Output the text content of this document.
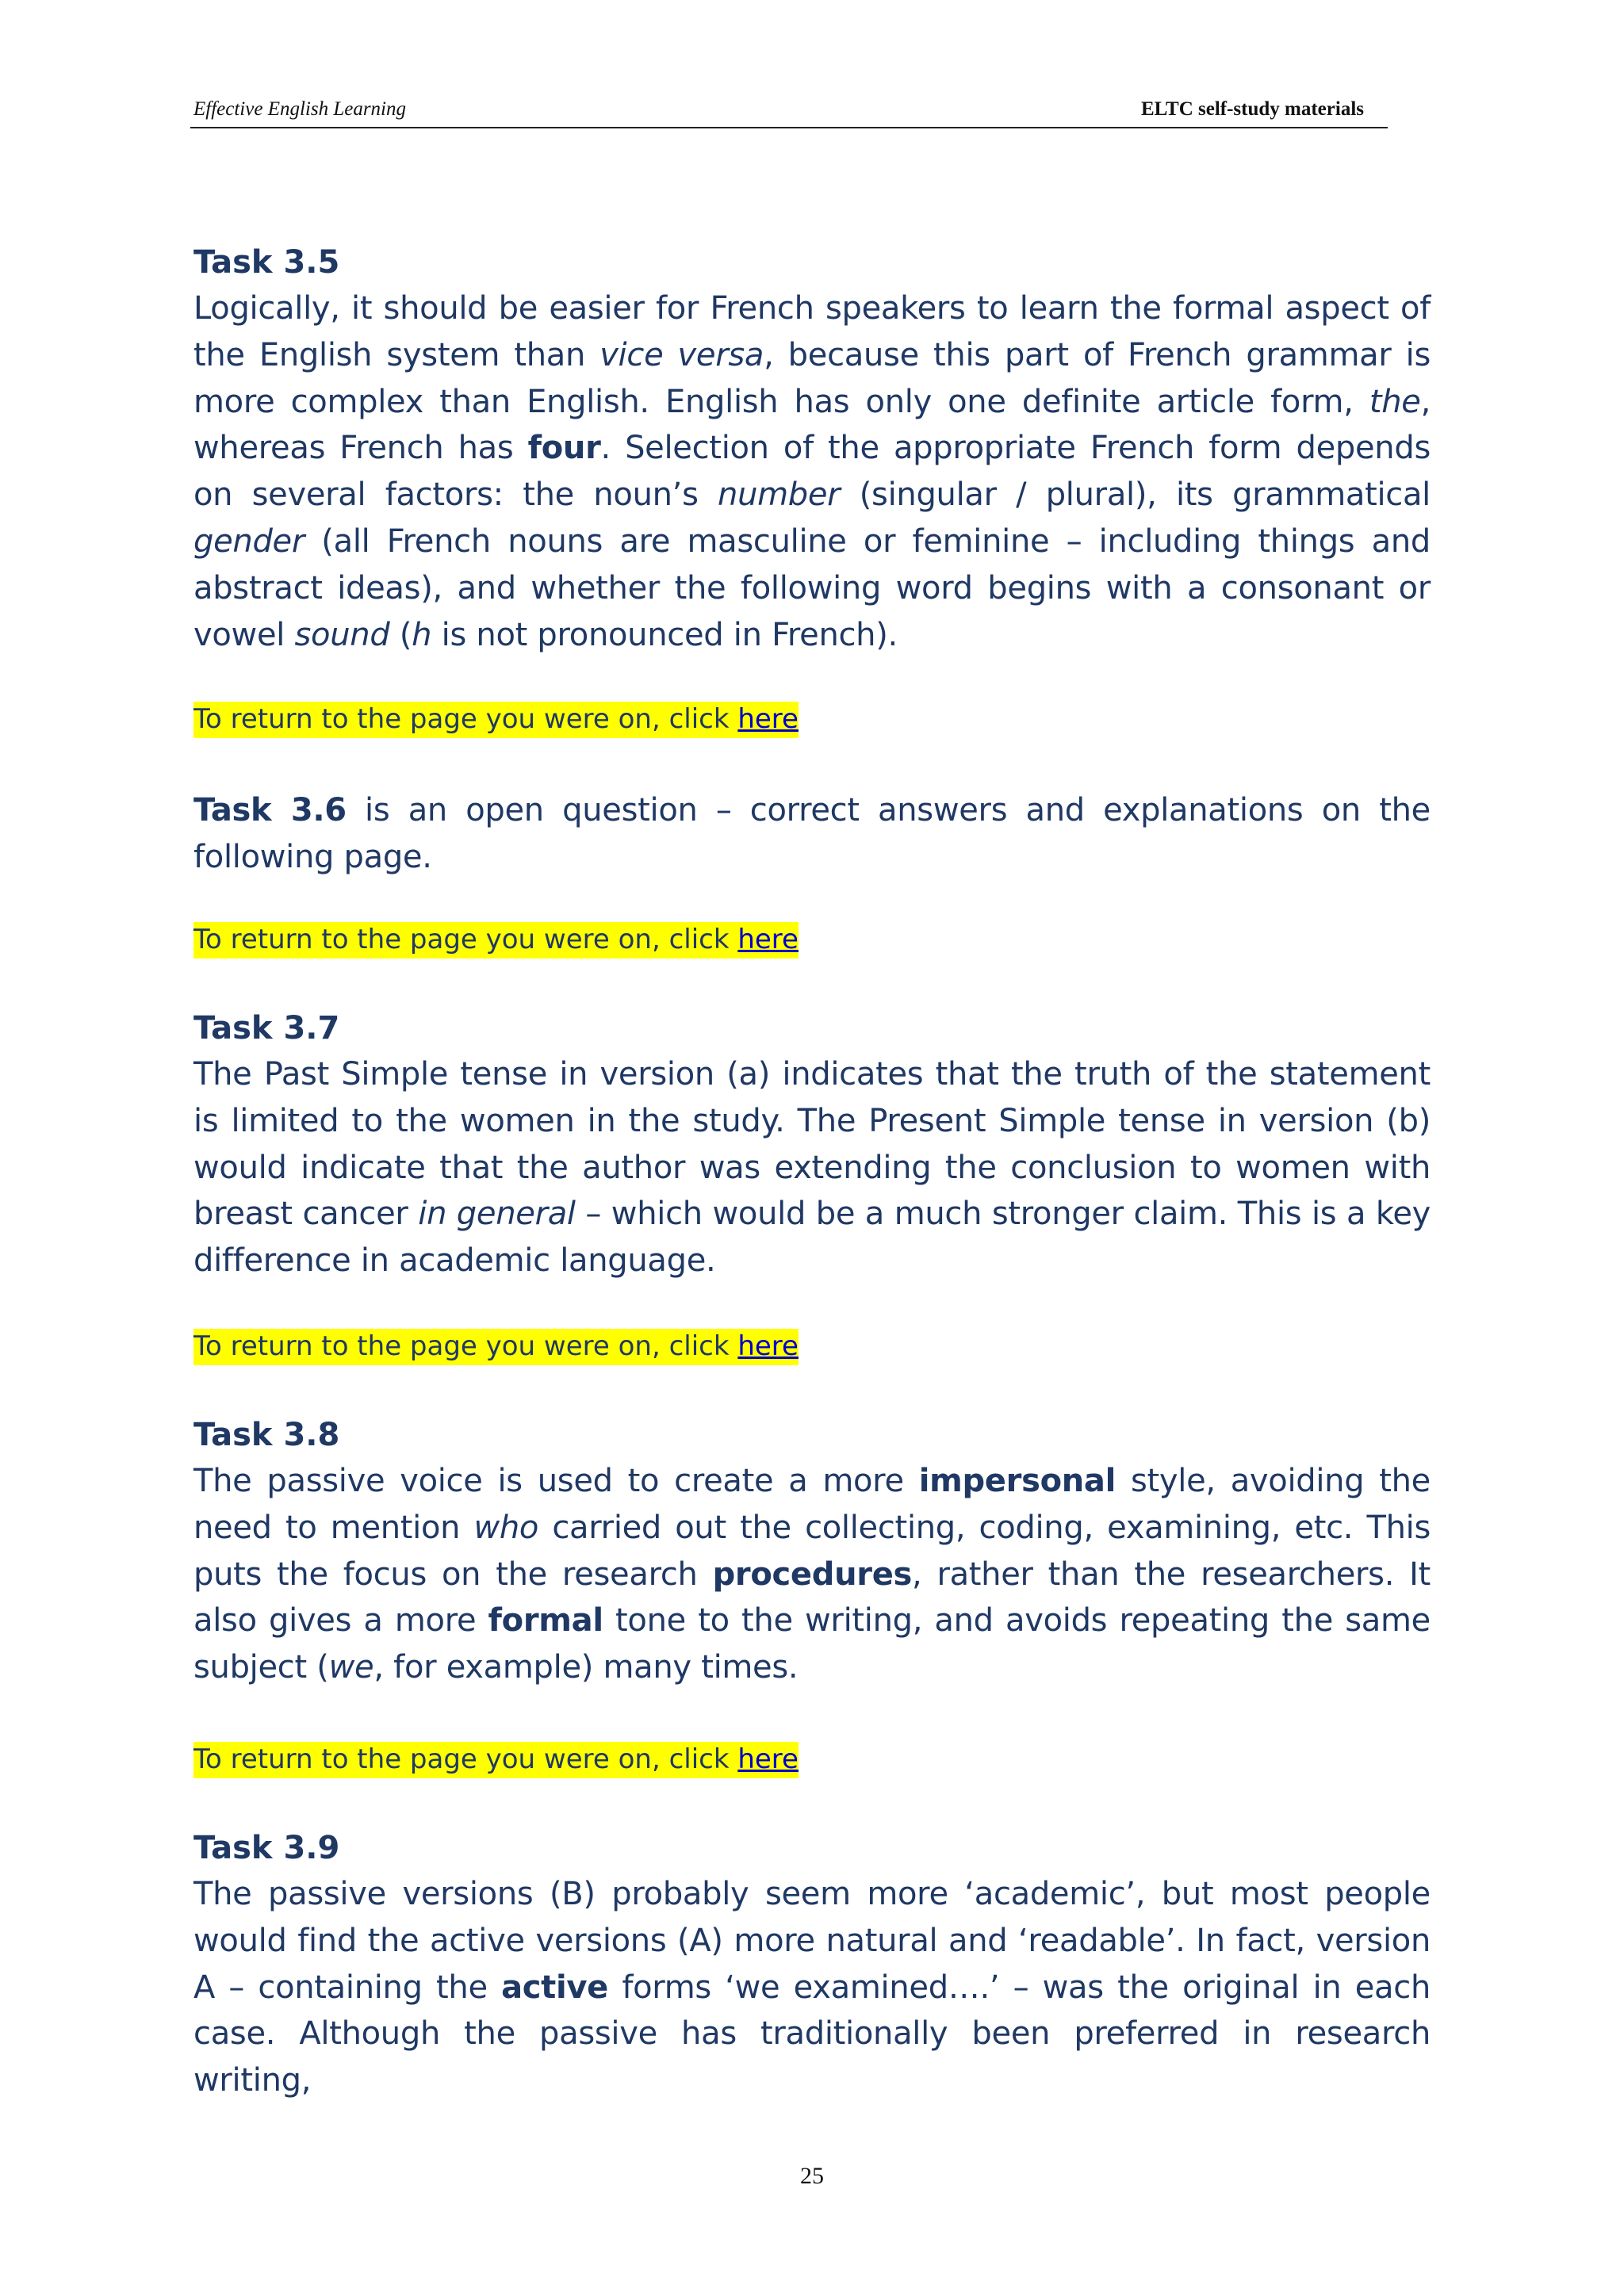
Effective English Learning	ELTC self-study materials

Task 3.5

Logically, it should be easier for French speakers to learn the formal aspect of the English system than vice versa, because this part of French grammar is more complex than English. English has only one definite article form, the, whereas French has four. Selection of the appropriate French form depends on several factors: the noun’s number (singular / plural), its grammatical gender (all French nouns are masculine or feminine – including things and abstract ideas), and whether the following word begins with a consonant or vowel sound (h is not pronounced in French).

To return to the page you were on, click here

Task 3.6 is an open question – correct answers and explanations on the following page.

To return to the page you were on, click here

Task 3.7

The Past Simple tense in version (a) indicates that the truth of the statement is limited to the women in the study. The Present Simple tense in version (b) would indicate that the author was extending the conclusion to women with breast cancer in general – which would be a much stronger claim. This is a key difference in academic language.

To return to the page you were on, click here

Task 3.8

The passive voice is used to create a more impersonal style, avoiding the need to mention who carried out the collecting, coding, examining, etc. This puts the focus on the research procedures, rather than the researchers. It also gives a more formal tone to the writing, and avoids repeating the same subject (we, for example) many times.

To return to the page you were on, click here

Task 3.9

The passive versions (B) probably seem more ‘academic’, but most people would find the active versions (A) more natural and ‘readable’. In fact, version A – containing the active forms ‘we examined….’ – was the original in each case. Although the passive has traditionally been preferred in research writing,

25
